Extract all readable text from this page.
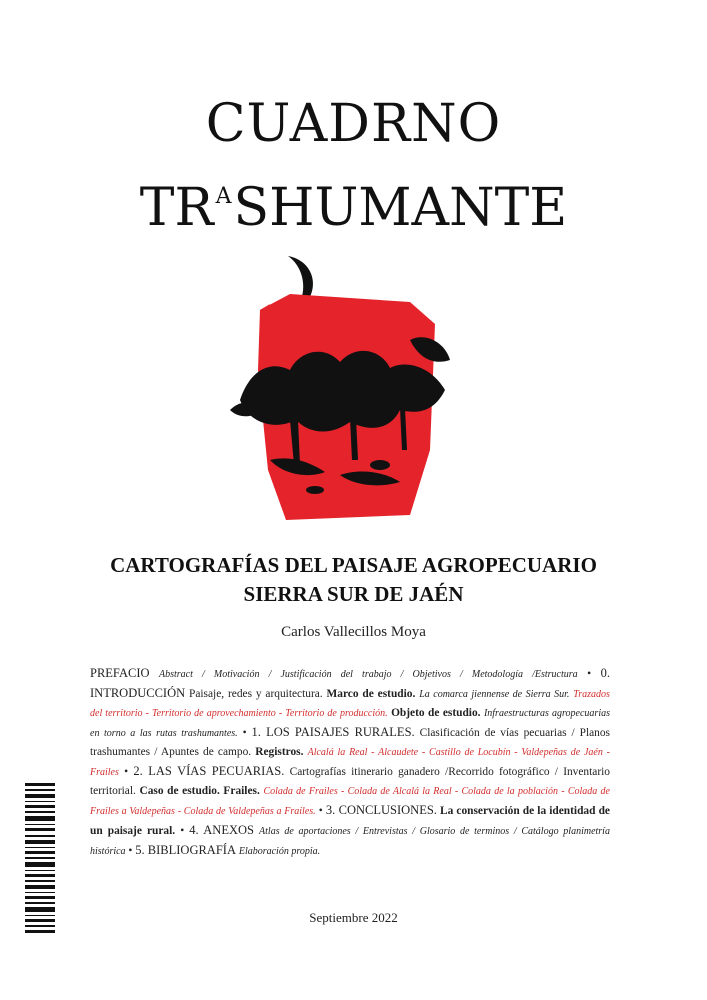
CUADRNO
$TR^ASHUMANTE$
CARTOGRAFÍAS DEL PAISAJE AGROPECUARIO
SIERRA SUR DE JAÉN
Carlos Vallecillos Moya
PREFACIO Abstract / Motivación / Justificación del trabajo / Objetivos / Metodología /Estructura • 0. INTRODUCCIÓN Paisaje, redes y arquitectura. Marco de estudio. La comarca jiennense de Sierra Sur. Trazados del territorio - Territorio de aprovechamiento - Territorio de producción. Objeto de estudio. Infraestructuras agropecuarias en torno a las rutas trashumantes. • 1. LOS PAISAJES RURALES. Clasificación de vías pecuarias / Planos trashumantes / Apuntes de campo. Registros. Alcalá la Real - Alcaudete - Castillo de Locubín - Valdepeñas de Jaén - Frailes • 2. LAS VÍAS PECUARIAS. Cartografías itinerario ganadero /Recorrido fotográfico / Inventario territorial. Caso de estudio. Frailes. Colada de Frailes - Colada de Alcalá la Real - Colada de la población - Colada de Frailes a Valdepeñas - Colada de Valdepeñas a Frailes. • 3. CONCLUSIONES. La conservación de la identidad de un paisaje rural. • 4. ANEXOS Atlas de aportaciones / Entrevistas / Glosario de terminos / Catálogo planimetría histórica • 5. BIBLIOGRAFÍA Elaboración propia.
Septiembre 2022
